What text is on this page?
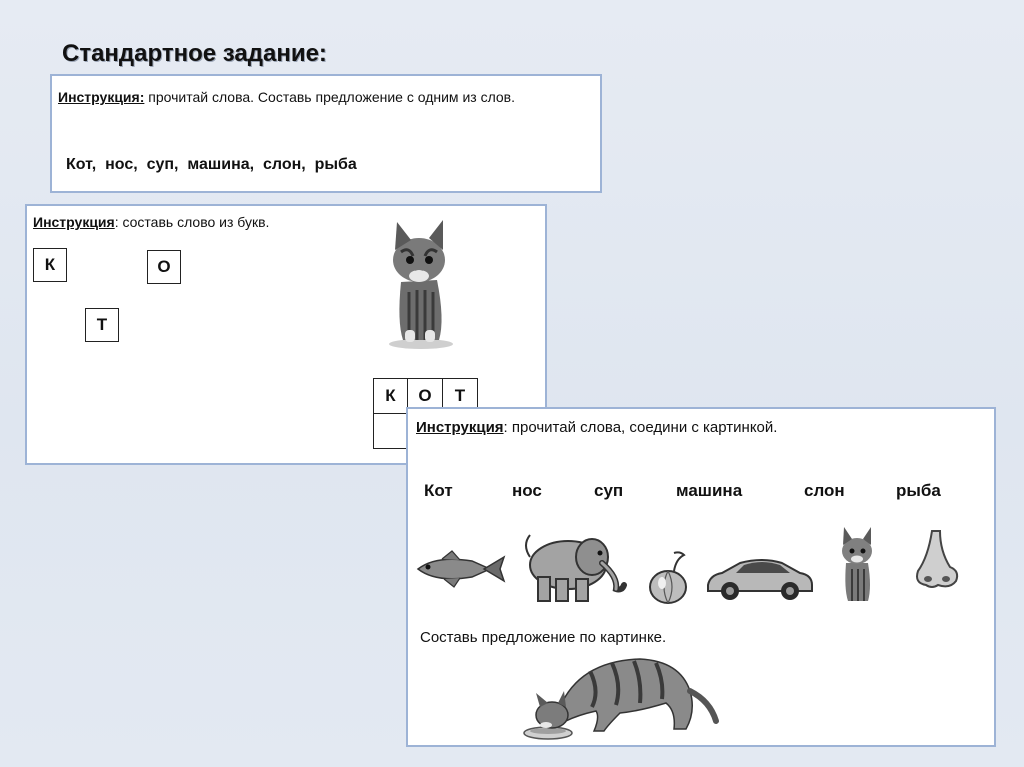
Стандартное задание:
Инструкция: прочитай слова. Составь предложение с одним из слов.
Кот,  нос,  суп,  машина,  слон,  рыба
Инструкция: составь слово из букв.
К	О
Т
К	О	Т
Инструкция: прочитай слова, соедини с картинкой.
Кот	нос	суп	машина	слон	рыба
Составь предложение по картинке.
